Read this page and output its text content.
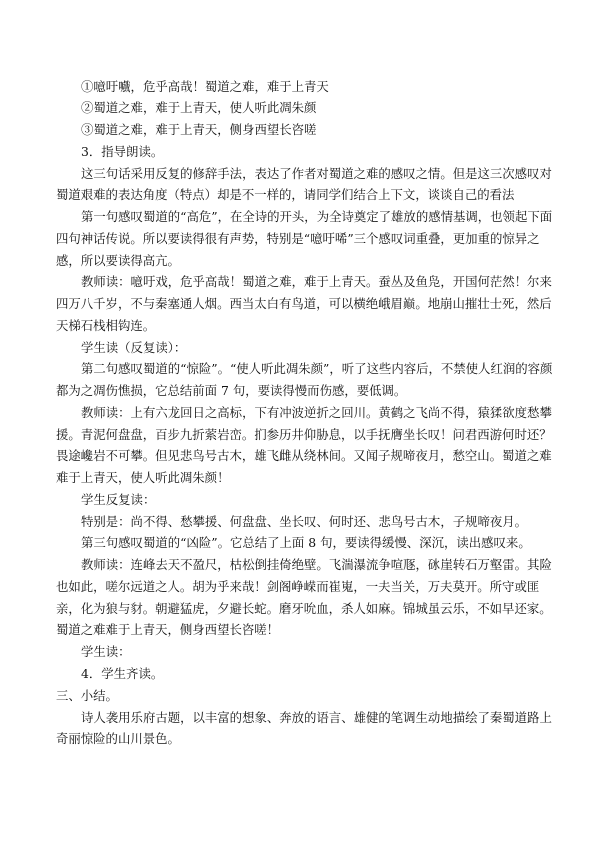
①噫吁嚱，危乎高哉！蜀道之难，难于上青天
②蜀道之难，难于上青天，使人听此凋朱颜
③蜀道之难，难于上青天，侧身西望长咨嗟
3．指导朗读。
这三句话采用反复的修辞手法，表达了作者对蜀道之难的感叹之情。但是这三次感叹对
蜀道艰难的表达角度（特点）却是不一样的，请同学们结合上下文，谈谈自己的看法
第一句感叹蜀道的“高危”，在全诗的开头，为全诗奠定了雄放的感情基调，也领起下面
四句神话传说。所以要读得很有声势，特别是“噫吁唏”三个感叹词重叠，更加重的惊异之
感，所以要读得高亢。
教师读：噫吁戏，危乎高哉！蜀道之难，难于上青天。蚕丛及鱼凫，开国何茫然！尔来
四万八千岁，不与秦塞通人烟。西当太白有鸟道，可以横绝峨眉巅。地崩山摧壮士死，然后
天梯石栈相钩连。
学生读（反复读）：
第二句感叹蜀道的“惊险”。“使人听此凋朱颜”，听了这些内容后，不禁使人红润的容颜
都为之凋伤憔损，它总结前面 7 句，要读得慢而伤感，要低调。
教师读：上有六龙回日之高标，下有冲波逆折之回川。黄鹤之飞尚不得，猿猱欲度愁攀
援。青泥何盘盘，百步九折萦岩峦。扪参历井仰胁息，以手抚膺坐长叹！问君西游何时还？
畏途巉岩不可攀。但见悲鸟号古木，雄飞雌从绕林间。又闻子规啼夜月，愁空山。蜀道之难
难于上青天，使人听此凋朱颜！
学生反复读：
特别是：尚不得、愁攀援、何盘盘、坐长叹、何时还、悲鸟号古木，子规啼夜月。
第三句感叹蜀道的“凶险”。它总结了上面 8 句，要读得缓慢、深沉，读出感叹来。
教师读：连峰去天不盈尺，枯松倒挂倚绝壁。飞湍瀑流争喧豗，砯崖转石万壑雷。其险
也如此，嗟尔远道之人。胡为乎来哉！剑阁峥嵘而崔嵬，一夫当关，万夫莫开。所守或匪
亲，化为狼与豺。朝避猛虎，夕避长蛇。磨牙吮血，杀人如麻。锦城虽云乐，不如早还家。
蜀道之难难于上青天，侧身西望长咨嗟！
学生读：
4．学生齐读。
三、小结。
诗人袭用乐府古题，以丰富的想象、奔放的语言、雄健的笔调生动地描绘了秦蜀道路上
奇丽惊险的山川景色。
